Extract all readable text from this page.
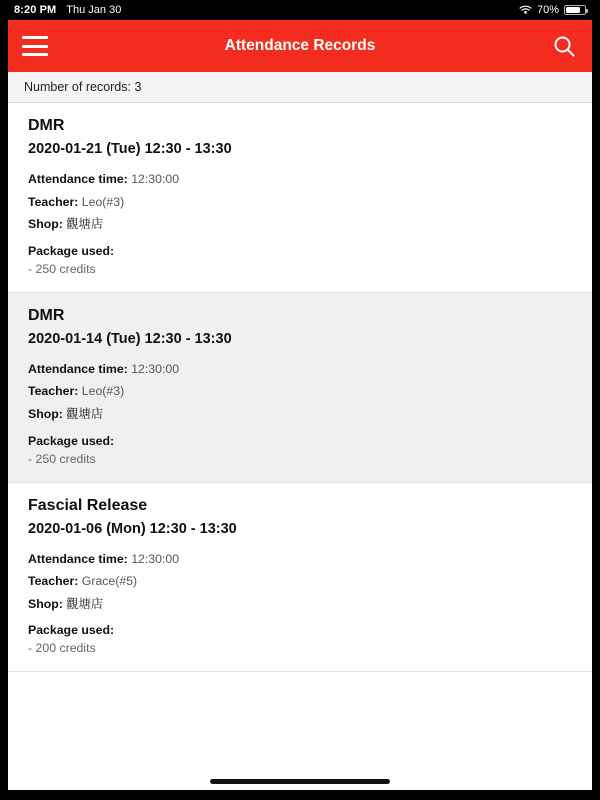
8:20 PM Thu Jan 30	70%
Attendance Records
Number of records: 3
DMR
2020-01-21 (Tue) 12:30 - 13:30
Attendance time: 12:30:00
Teacher: Leo(#3)
Shop: 觀塘店
Package used:
- 250 credits
DMR
2020-01-14 (Tue) 12:30 - 13:30
Attendance time: 12:30:00
Teacher: Leo(#3)
Shop: 觀塘店
Package used:
- 250 credits
Fascial Release
2020-01-06 (Mon) 12:30 - 13:30
Attendance time: 12:30:00
Teacher: Grace(#5)
Shop: 觀塘店
Package used:
- 200 credits
